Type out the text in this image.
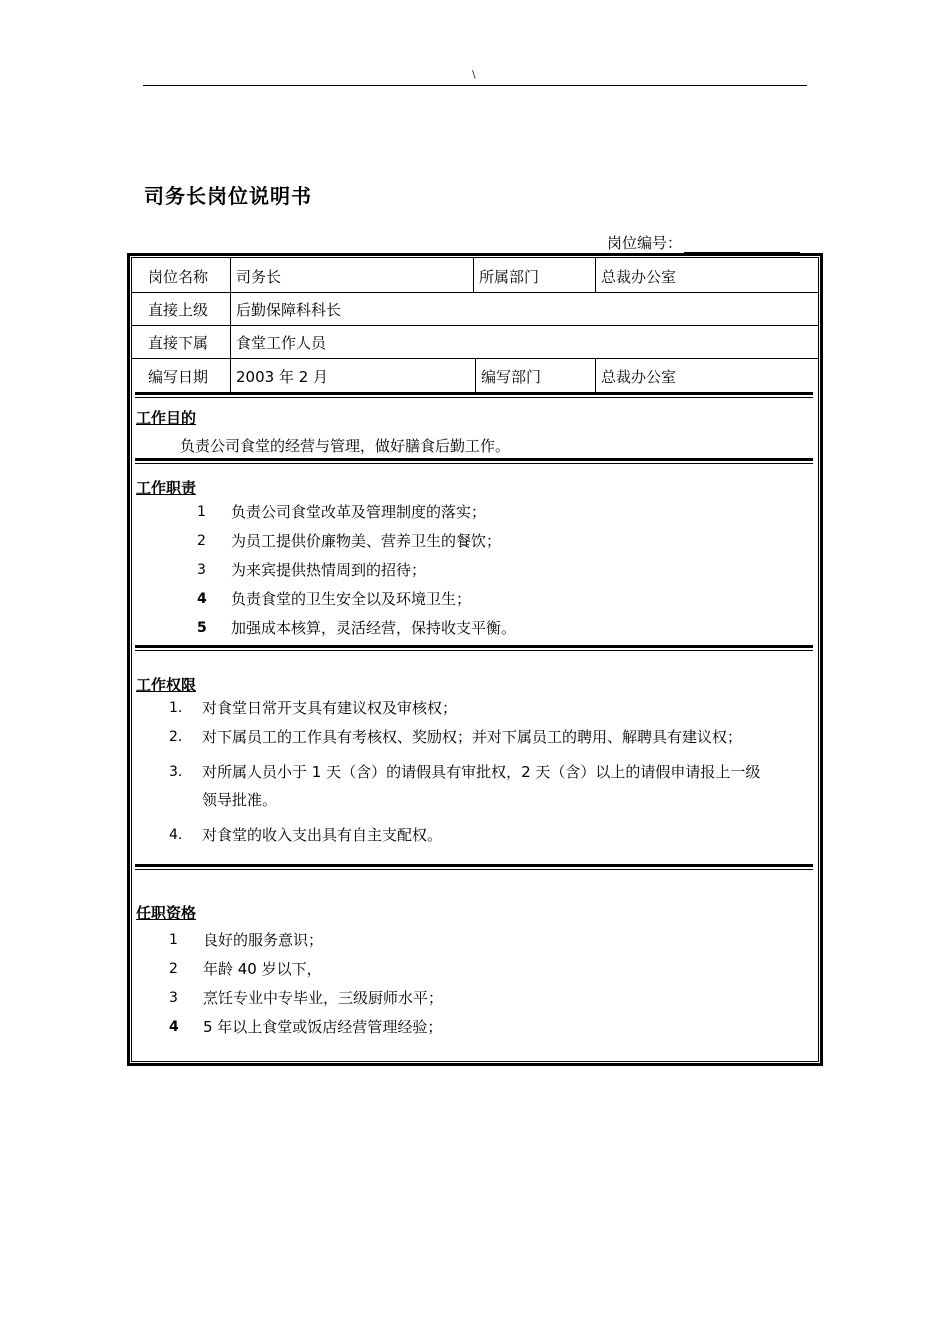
\
司务长岗位说明书
岗位编号：
岗位名称 司务长	所属部门	总裁办公室
直接上级 后勤保障科科长
直接下属 食堂工作人员
编写日期 2003 年 2 月	编写部门	总裁办公室
工作目的
负责公司食堂的经营与管理，做好膳食后勤工作。
工作职责
1 负责公司食堂改革及管理制度的落实；
2 为员工提供价廉物美、营养卫生的餐饮；
3 为来宾提供热情周到的招待；
4 负责食堂的卫生安全以及环境卫生；
5 加强成本核算，灵活经营，保持收支平衡。
工作权限
1. 对食堂日常开支具有建议权及审核权；
2. 对下属员工的工作具有考核权、奖励权；并对下属员工的聘用、解聘具有建议权；
3. 对所属人员小于 1 天（含）的请假具有审批权，2 天（含）以上的请假申请报上一级
领导批准。
4. 对食堂的收入支出具有自主支配权。
任职资格
1 良好的服务意识；
2 年龄 40 岁以下，
3 烹饪专业中专毕业，三级厨师水平；
4 5 年以上食堂或饭店经营管理经验；
